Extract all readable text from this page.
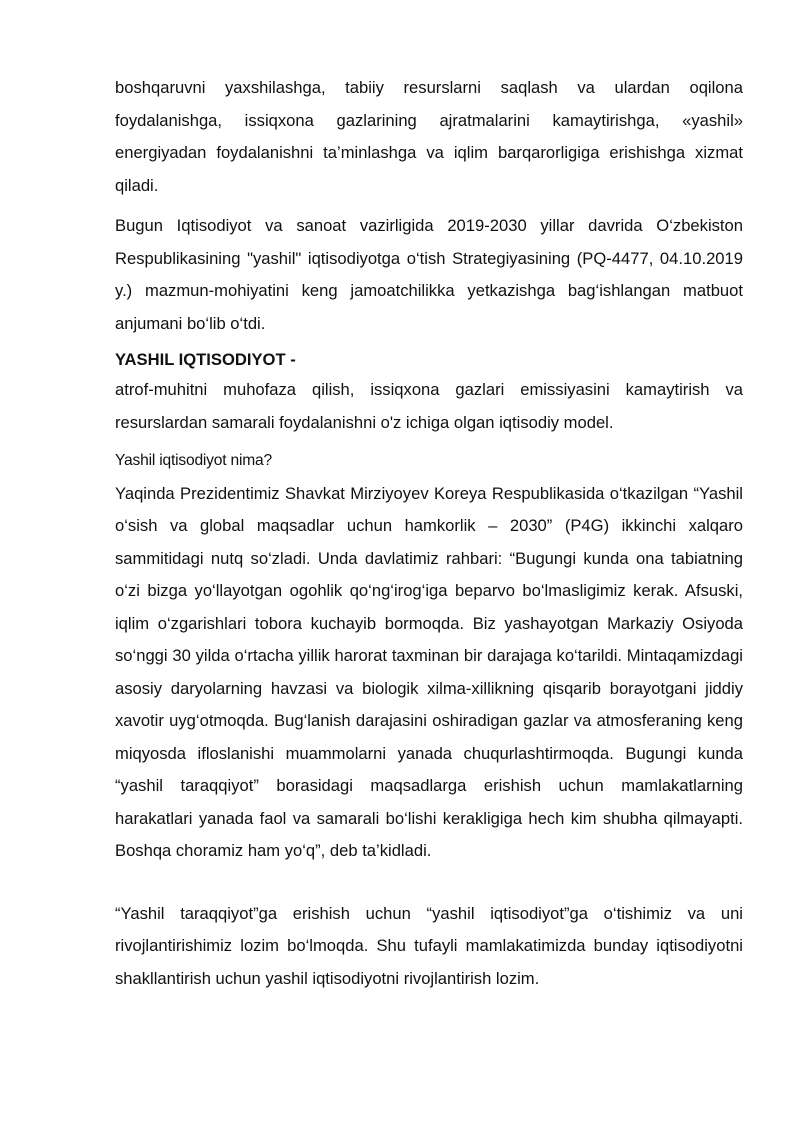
boshqaruvni yaxshilashga, tabiiy resurslarni saqlash va ulardan oqilona foydalanishga, issiqxona gazlarining ajratmalarini kamaytirishga, «yashil» energiyadan foydalanishni ta’minlashga va iqlim barqarorligiga erishishga xizmat qiladi.

Bugun Iqtisodiyot va sanoat vazirligida 2019-2030 yillar davrida O‘zbekiston Respublikasining "yashil" iqtisodiyotga o‘tish Strategiyasining (PQ-4477, 04.10.2019 y.) mazmun-mohiyatini keng jamoatchilikka yetkazishga bag‘ishlangan matbuot anjumani bo‘lib o‘tdi.

YASHIL IQTISODIYOT -

atrof-muhitni muhofaza qilish, issiqxona gazlari emissiyasini kamaytirish va resurslardan samarali foydalanishni o'z ichiga olgan iqtisodiy model.

Yashil iqtisodiyot nima?

Yaqinda Prezidentimiz Shavkat Mirziyoyev Koreya Respublikasida o‘tkazilgan “Yashil o‘sish va global maqsadlar uchun hamkorlik – 2030” (P4G) ikkinchi xalqaro sammitidagi nutq so‘zladi. Unda davlatimiz rahbari: “Bugungi kunda ona tabiatning o‘zi bizga yo‘llayotgan ogohlik qo‘ng‘irog‘iga beparvo bo‘lmasligimiz kerak. Afsuski, iqlim o‘zgarishlari tobora kuchayib bormoqda. Biz yashayotgan Markaziy Osiyoda so‘nggi 30 yilda o‘rtacha yillik harorat taxminan bir darajaga ko‘tarildi. Mintaqamizdagi asosiy daryolarning havzasi va biologik xilma-xillikning qisqarib borayotgani jiddiy xavotir uyg‘otmoqda. Bug‘lanish darajasini oshiradigan gazlar va atmosferaning keng miqyosda ifloslanishi muammolarni yanada chuqurlashtirmoqda. Bugungi kunda “yashil taraqqiyot” borasidagi maqsadlarga erishish uchun mamlakatlarning harakatlari yanada faol va samarali bo‘lishi kerakligiga hech kim shubha qilmayapti. Boshqa choramiz ham yo‘q”, deb ta’kidladi.

“Yashil taraqqiyot”ga erishish uchun “yashil iqtisodiyot”ga o‘tishimiz va uni rivojlantirishimiz lozim bo‘lmoqda. Shu tufayli mamlakatimizda bunday iqtisodiyotni shakllantirish uchun yashil iqtisodiyotni rivojlantirish lozim.
